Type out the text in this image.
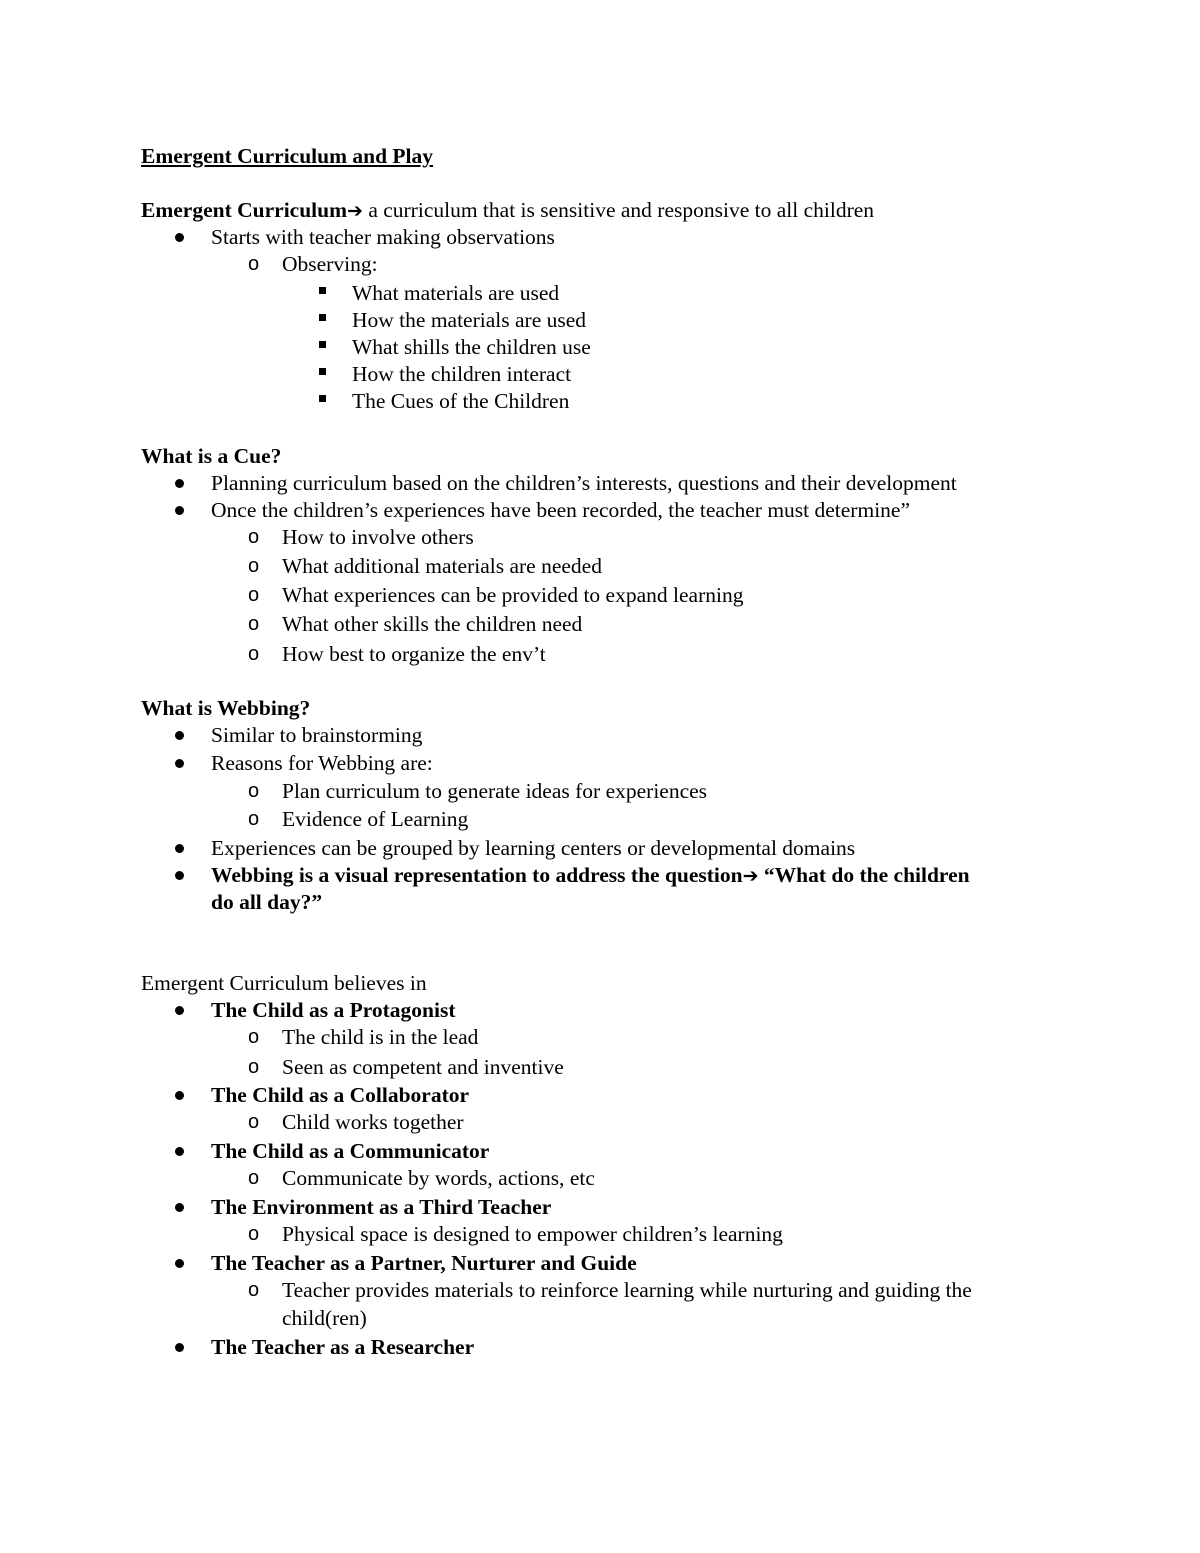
Emergent Curriculum and Play
Emergent Curriculum➔ a curriculum that is sensitive and responsive to all children
Starts with teacher making observations
o Observing:
What materials are used
How the materials are used
What shills the children use
How the children interact
The Cues of the Children
What is a Cue?
Planning curriculum based on the children’s interests, questions and their development
Once the children’s experiences have been recorded, the teacher must determine”
o How to involve others
o What additional materials are needed
o What experiences can be provided to expand learning
o What other skills the children need
o How best to organize the env’t
What is Webbing?
Similar to brainstorming
Reasons for Webbing are:
o Plan curriculum to generate ideas for experiences
o Evidence of Learning
Experiences can be grouped by learning centers or developmental domains
Webbing is a visual representation to address the question➔ “What do the children
do all day?”
Emergent Curriculum believes in
The Child as a Protagonist
o The child is in the lead
o Seen as competent and inventive
The Child as a Collaborator
o Child works together
The Child as a Communicator
o Communicate by words, actions, etc
The Environment as a Third Teacher
o Physical space is designed to empower children’s learning
The Teacher as a Partner, Nurturer and Guide
o Teacher provides materials to reinforce learning while nurturing and guiding the
child(ren)
The Teacher as a Researcher
